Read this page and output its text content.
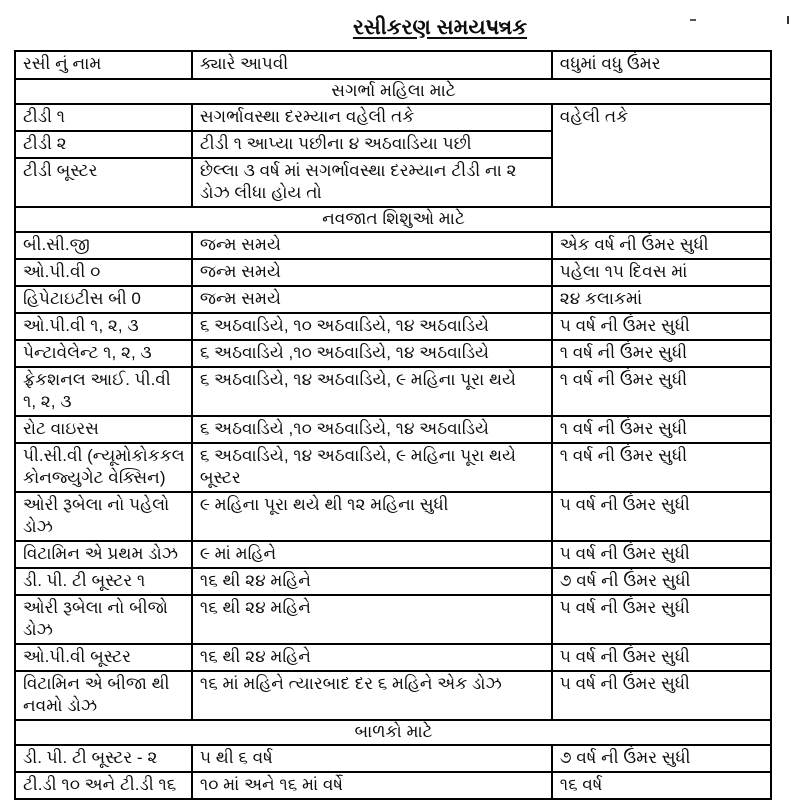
રસીકરણ સમયપત્રક
રસી નું નામ	ક્યારે આપવી	વધુમાં વધુ ઉંમર
સગર્ભા મહિલા માટે		
ટીડી ૧	સગર્ભાવસ્થા દરમ્યાન વહેલી તકે	વહેલી તકે
ટીડી ૨	ટીડી ૧ આપ્યા પછીના ૪ અઠવાડિયા પછી	
ટીડી બૂસ્ટર	છેલ્લા ૩ વર્ષ માં સગર્ભાવસ્થા દરમ્યાન ટીડી ના ૨ ડોઝ લીધા હોય તો	
નવજાત શિશુઓ માટે		
બી.સી.જી	જન્મ સમયે	એક વર્ષ ની ઉંમર સુધી
ઓ.પી.વી ૦	જન્મ સમયે	પહેલા ૧૫ દિવસ માં
હિપેટાઇટીસ બી 0	જન્મ સમયે	૨૪ કલાકમાં
ઓ.પી.વી ૧, ૨, ૩	૬ અઠવાડિયે, ૧૦ અઠવાડિયે, ૧૪ અઠવાડિયે	૫ વર્ષ ની ઉંમર સુધી
પેન્ટાવેલેન્ટ ૧, ૨, ૩	૬ અઠવાડિયે ,૧૦ અઠવાડિયે, ૧૪ અઠવાડિયે	૧ વર્ષ ની ઉંમર સુધી
ફ્રેકશનલ આઈ. પી.વી ૧, ૨, ૩	૬ અઠવાડિયે, ૧૪ અઠવાડિયે, ૯ મહિના પૂરા થયે	૧ વર્ષ ની ઉંમર સુધી
રોટ વાઇરસ	૬ અઠવાડિયે ,૧૦ અઠવાડિયે, ૧૪ અઠવાડિયે	૧ વર્ષ ની ઉંમર સુધી
પી.સી.વી (ન્યૂમોકોકકલ કોનજ્યુગેટ વેક્સિન)	૬ અઠવાડિયે, ૧૪ અઠવાડિયે, ૯ મહિના પૂરા થયે બૂસ્ટર	૧ વર્ષ ની ઉંમર સુધી
ઓરી રૂબેલા નો પહેલો ડોઝ	૯ મહિના પૂરા થયે થી ૧૨ મહિના સુધી	૫ વર્ષ ની ઉંમર સુધી
વિટામિન એ પ્રથમ ડોઝ	૯ માં મહિને	૫ વર્ષ ની ઉંમર સુધી
ડી. પી. ટી બૂસ્ટર ૧	૧૬ થી ૨૪ મહિને	૭ વર્ષ ની ઉંમર સુધી
ઓરી રૂબેલા નો બીજો ડોઝ	૧૬ થી ૨૪ મહિને	૫ વર્ષ ની ઉંમર સુધી
ઓ.પી.વી બૂસ્ટર	૧૬ થી ૨૪ મહિને	૫ વર્ષ ની ઉંમર સુધી
વિટામિન એ બીજા થી નવમો ડોઝ	૧૬ માં મહિને ત્યારબાદ દર ૬ મહિને એક ડોઝ	૫ વર્ષ ની ઉંમર સુધી
બાળકો માટે		
ડી. પી. ટી બૂસ્ટર - ૨	૫ થી ૬ વર્ષ	૭ વર્ષ ની ઉંમર સુધી
ટી.ડી ૧૦ અને ટી.ડી ૧૬	૧૦ માં અને ૧૬ માં વર્ષે	૧૬ વર્ષ
